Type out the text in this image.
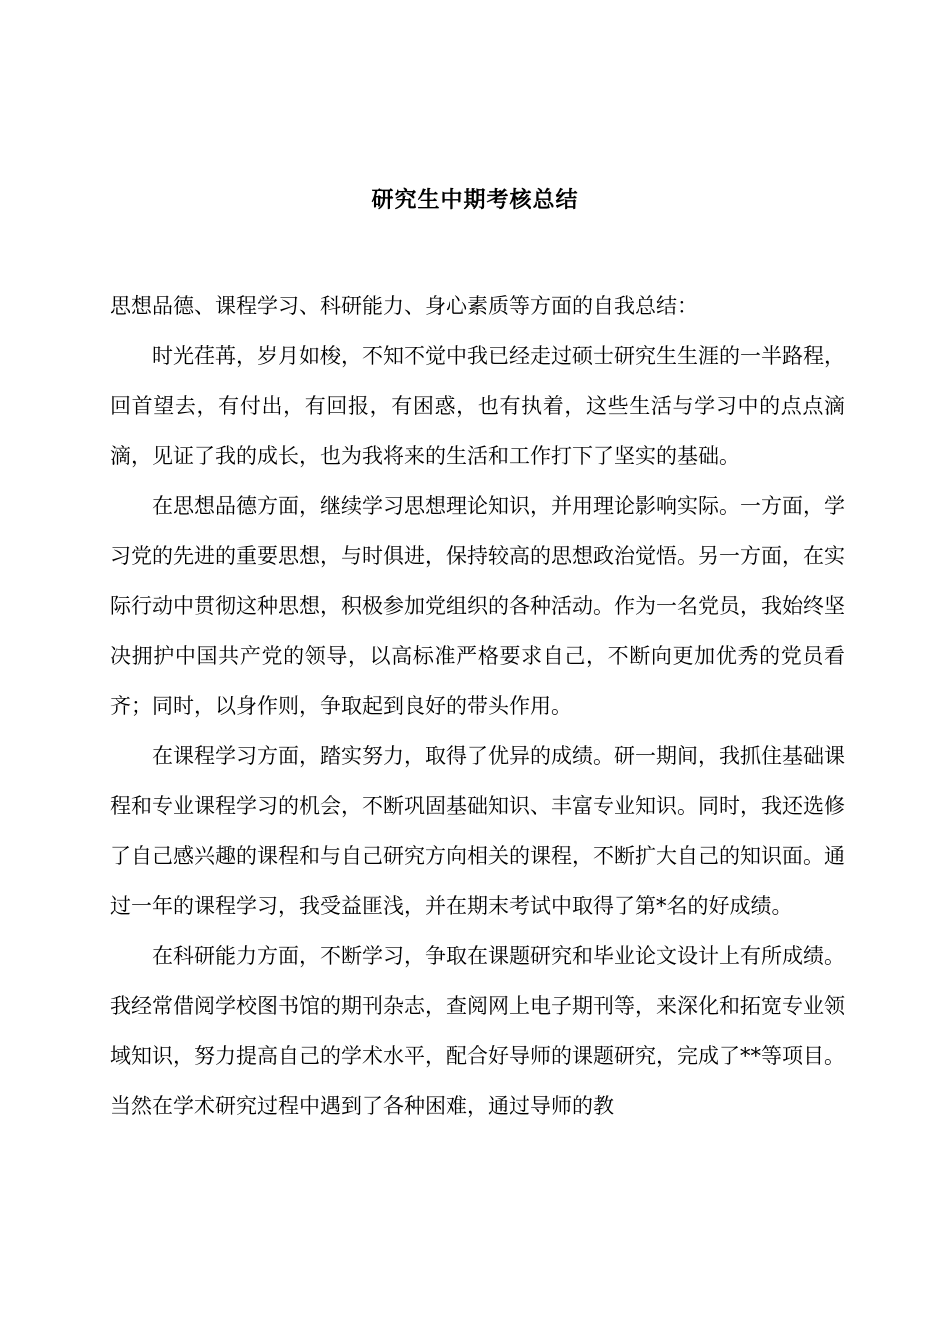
研究生中期考核总结

思想品德、课程学习、科研能力、身心素质等方面的自我总结：

时光荏苒，岁月如梭，不知不觉中我已经走过硕士研究生生涯的一半路程，回首望去，有付出，有回报，有困惑，也有执着，这些生活与学习中的点点滴滴，见证了我的成长，也为我将来的生活和工作打下了坚实的基础。

在思想品德方面，继续学习思想理论知识，并用理论影响实际。一方面，学习党的先进的重要思想，与时俱进，保持较高的思想政治觉悟。另一方面，在实际行动中贯彻这种思想，积极参加党组织的各种活动。作为一名党员，我始终坚决拥护中国共产党的领导，以高标准严格要求自己，不断向更加优秀的党员看齐；同时，以身作则，争取起到良好的带头作用。

在课程学习方面，踏实努力，取得了优异的成绩。研一期间，我抓住基础课程和专业课程学习的机会，不断巩固基础知识、丰富专业知识。同时，我还选修了自己感兴趣的课程和与自己研究方向相关的课程，不断扩大自己的知识面。通过一年的课程学习，我受益匪浅，并在期末考试中取得了第*名的好成绩。

在科研能力方面，不断学习，争取在课题研究和毕业论文设计上有所成绩。我经常借阅学校图书馆的期刊杂志，查阅网上电子期刊等，来深化和拓宽专业领域知识，努力提高自己的学术水平，配合好导师的课题研究，完成了**等项目。当然在学术研究过程中遇到了各种困难，通过导师的教
